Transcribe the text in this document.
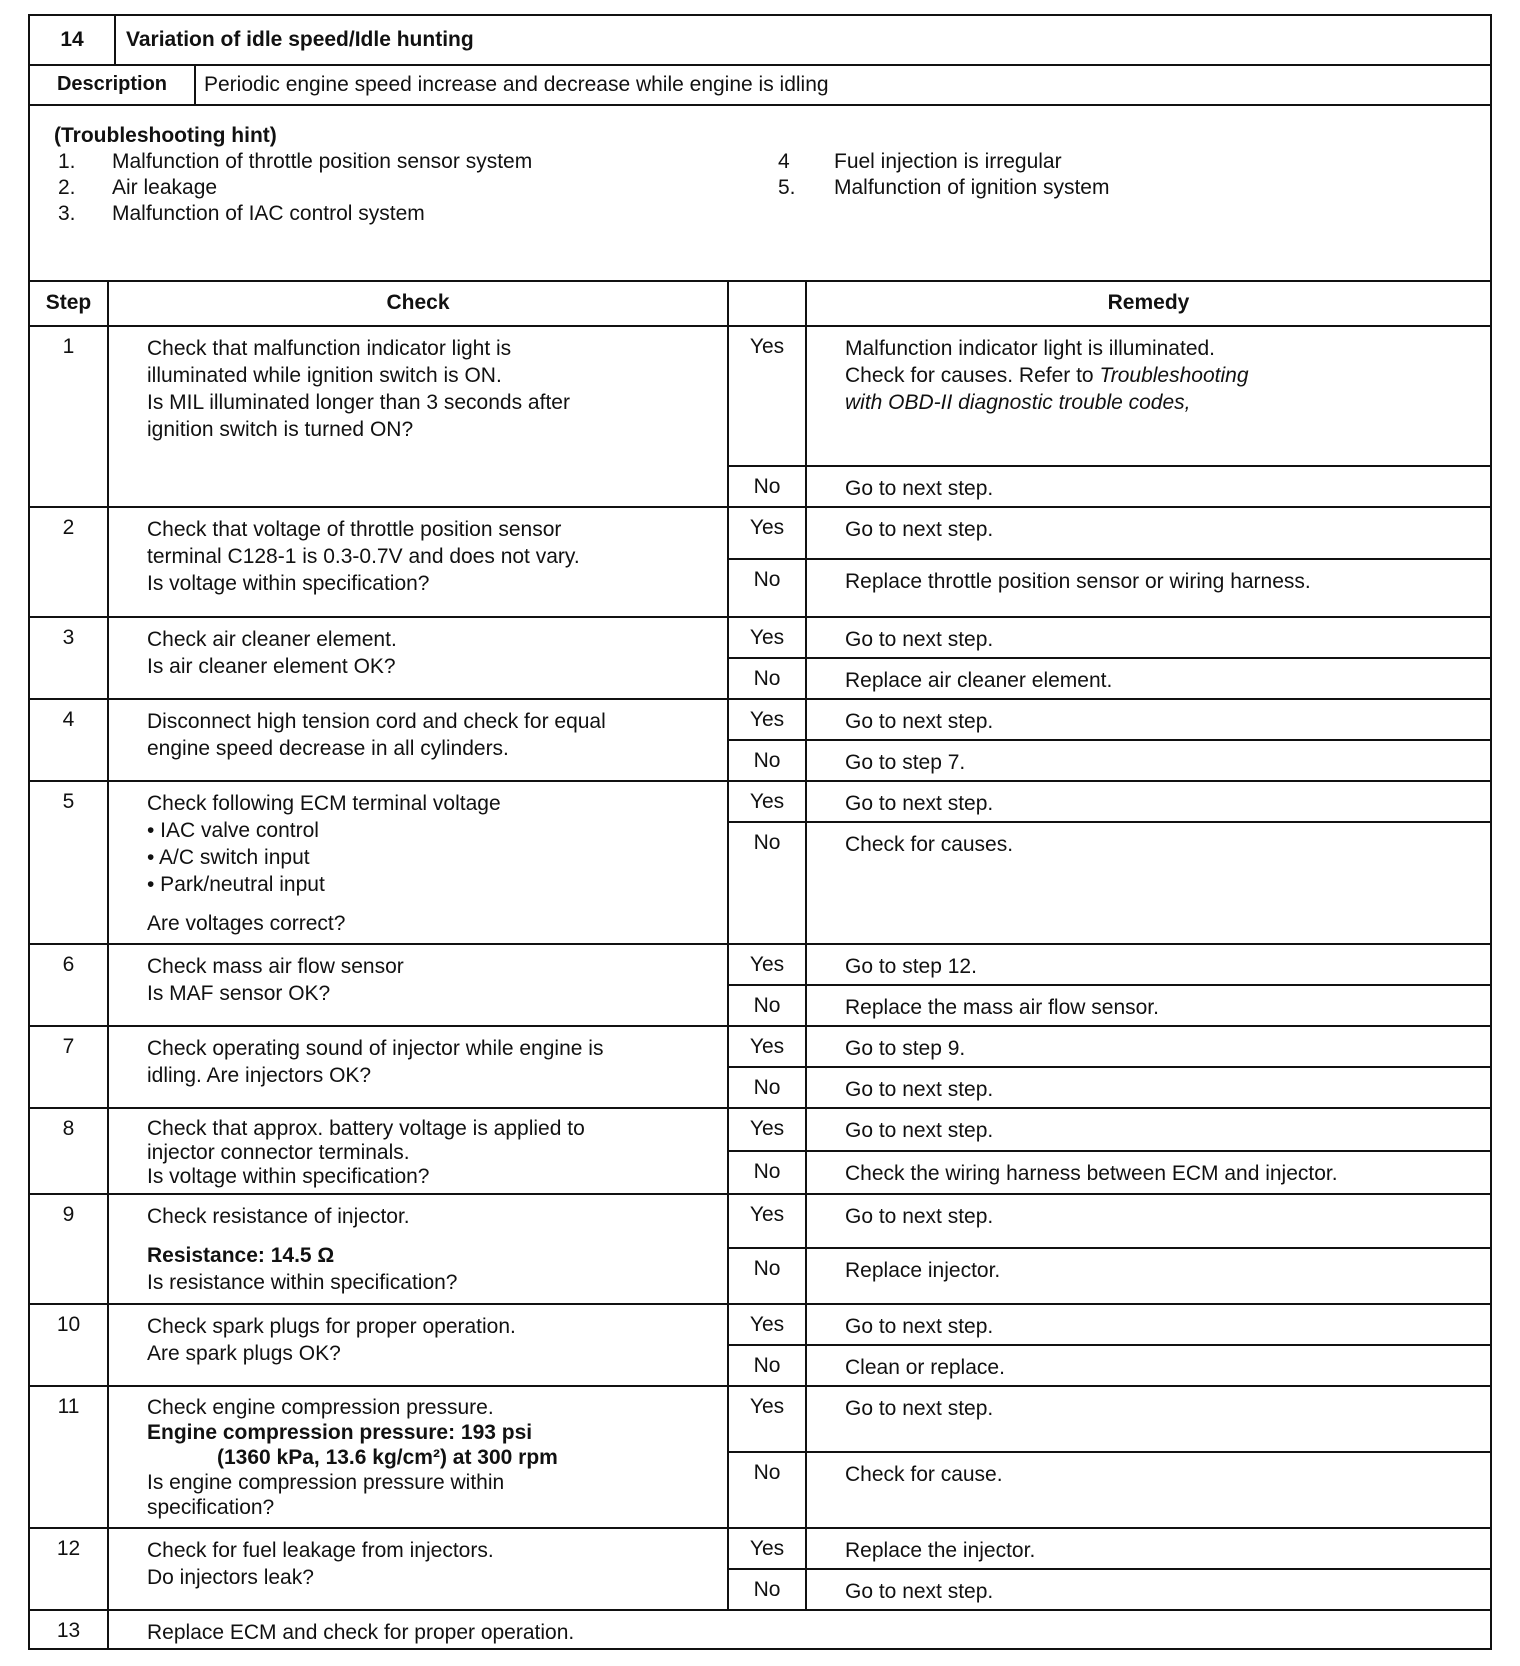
14	Variation of idle speed/Idle hunting
Description	Periodic engine speed increase and decrease while engine is idling
(Troubleshooting hint)
1.	Malfunction of throttle position sensor system
2.	Air leakage
3.	Malfunction of IAC control system
4	Fuel injection is irregular
5.	Malfunction of ignition system
Step	Check		Remedy
1	Check that malfunction indicator light is
illuminated while ignition switch is ON.
Is MIL illuminated longer than 3 seconds after
ignition switch is turned ON?	Yes	Malfunction indicator light is illuminated.
Check for causes. Refer to Troubleshooting
with OBD-II diagnostic trouble codes,

		No	Go to next step.
2	Check that voltage of throttle position sensor
terminal C128-1 is 0.3-0.7V and does not vary.
Is voltage within specification?	Yes	Go to next step.
		No	Replace throttle position sensor or wiring harness.
3	Check air cleaner element.
Is air cleaner element OK?	Yes	Go to next step.
		No	Replace air cleaner element.
4	Disconnect high tension cord and check for equal
engine speed decrease in all cylinders.	Yes	Go to next step.
		No	Go to step 7.
5	Check following ECM terminal voltage
• IAC valve control
• A/C switch input
• Park/neutral input
Are voltages correct?	Yes	Go to next step.
		No	Check for causes.
6	Check mass air flow sensor
Is MAF sensor OK?	Yes	Go to step 12.
		No	Replace the mass air flow sensor.
7	Check operating sound of injector while engine is
idling. Are injectors OK?	Yes	Go to step 9.
		No	Go to next step.
8	Check that approx. battery voltage is applied to
injector connector terminals.
Is voltage within specification?	Yes	Go to next step.
		No	Check the wiring harness between ECM and injector.
9	Check resistance of injector.
Resistance: 14.5 Ω
Is resistance within specification?	Yes	Go to next step.
		No	Replace injector.
10	Check spark plugs for proper operation.
Are spark plugs OK?	Yes	Go to next step.
		No	Clean or replace.
11	Check engine compression pressure.
Engine compression pressure: 193 psi
(1360 kPa, 13.6 kg/cm²) at 300 rpm
Is engine compression pressure within
specification?	Yes	Go to next step.
		No	Check for cause.
12	Check for fuel leakage from injectors.
Do injectors leak?	Yes	Replace the injector.
		No	Go to next step.
13	Replace ECM and check for proper operation.		
